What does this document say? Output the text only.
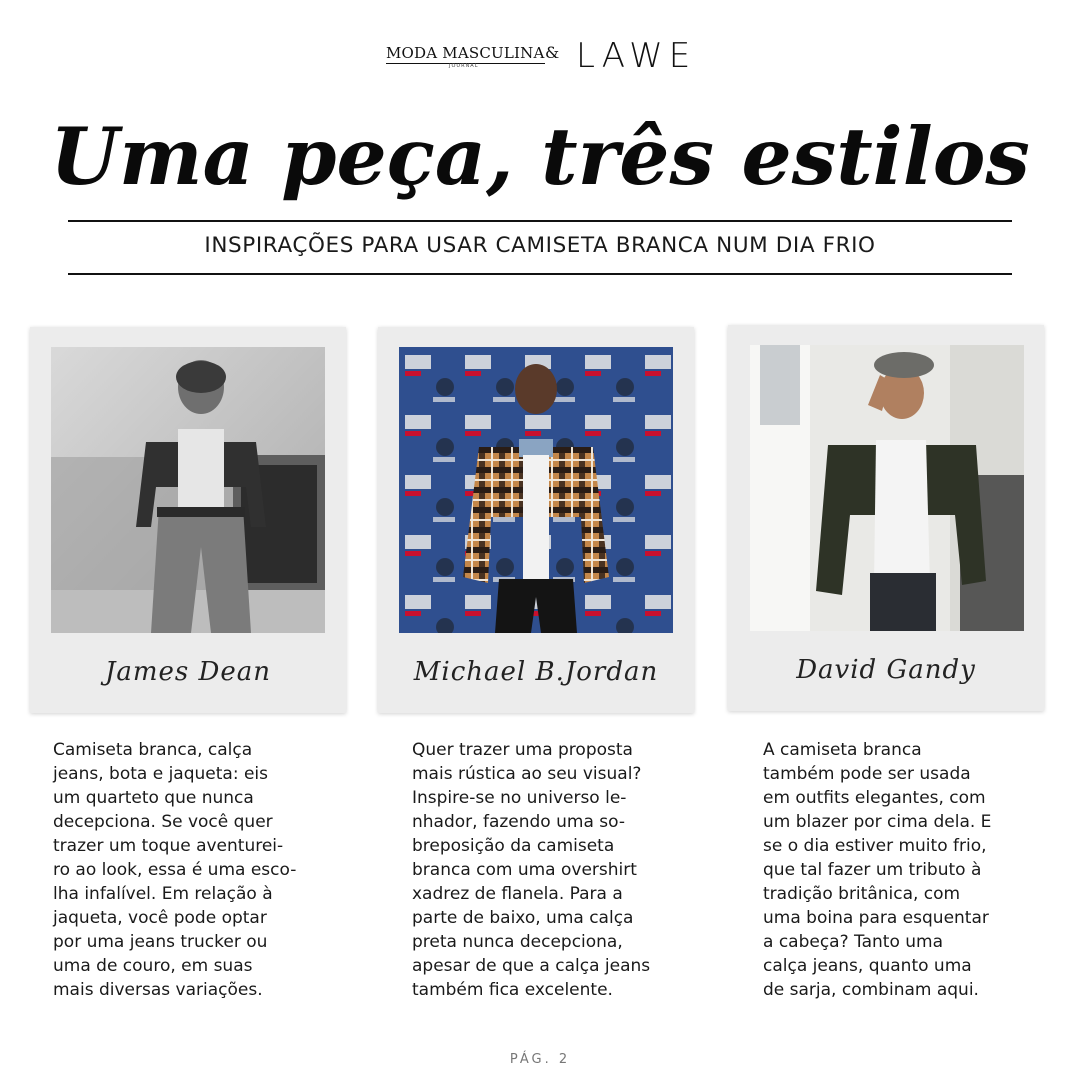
MODA MASCULINA
JOURNAL
& LAWE
Uma peça, três estilos
INSPIRAÇÕES PARA USAR CAMISETA BRANCA NUM DIA FRIO
James Dean	Michael B.Jordan	David Gandy
Camiseta branca, calça
jeans, bota e jaqueta: eis
um quarteto que nunca
decepciona. Se você quer
trazer um toque aventurei-
ro ao look, essa é uma esco-
lha infalível. Em relação à
jaqueta, você pode optar
por uma jeans trucker ou
uma de couro, em suas
mais diversas variações.
Quer trazer uma proposta
mais rústica ao seu visual?
Inspire-se no universo le-
nhador, fazendo uma so-
breposição da camiseta
branca com uma overshirt
xadrez de flanela. Para a
parte de baixo, uma calça
preta nunca decepciona,
apesar de que a calça jeans
também fica excelente.
A camiseta branca
também pode ser usada
em outfits elegantes, com
um blazer por cima dela. E
se o dia estiver muito frio,
que tal fazer um tributo à
tradição britânica, com
uma boina para esquentar
a cabeça? Tanto uma
calça jeans, quanto uma
de sarja, combinam aqui.
PÁG. 2
